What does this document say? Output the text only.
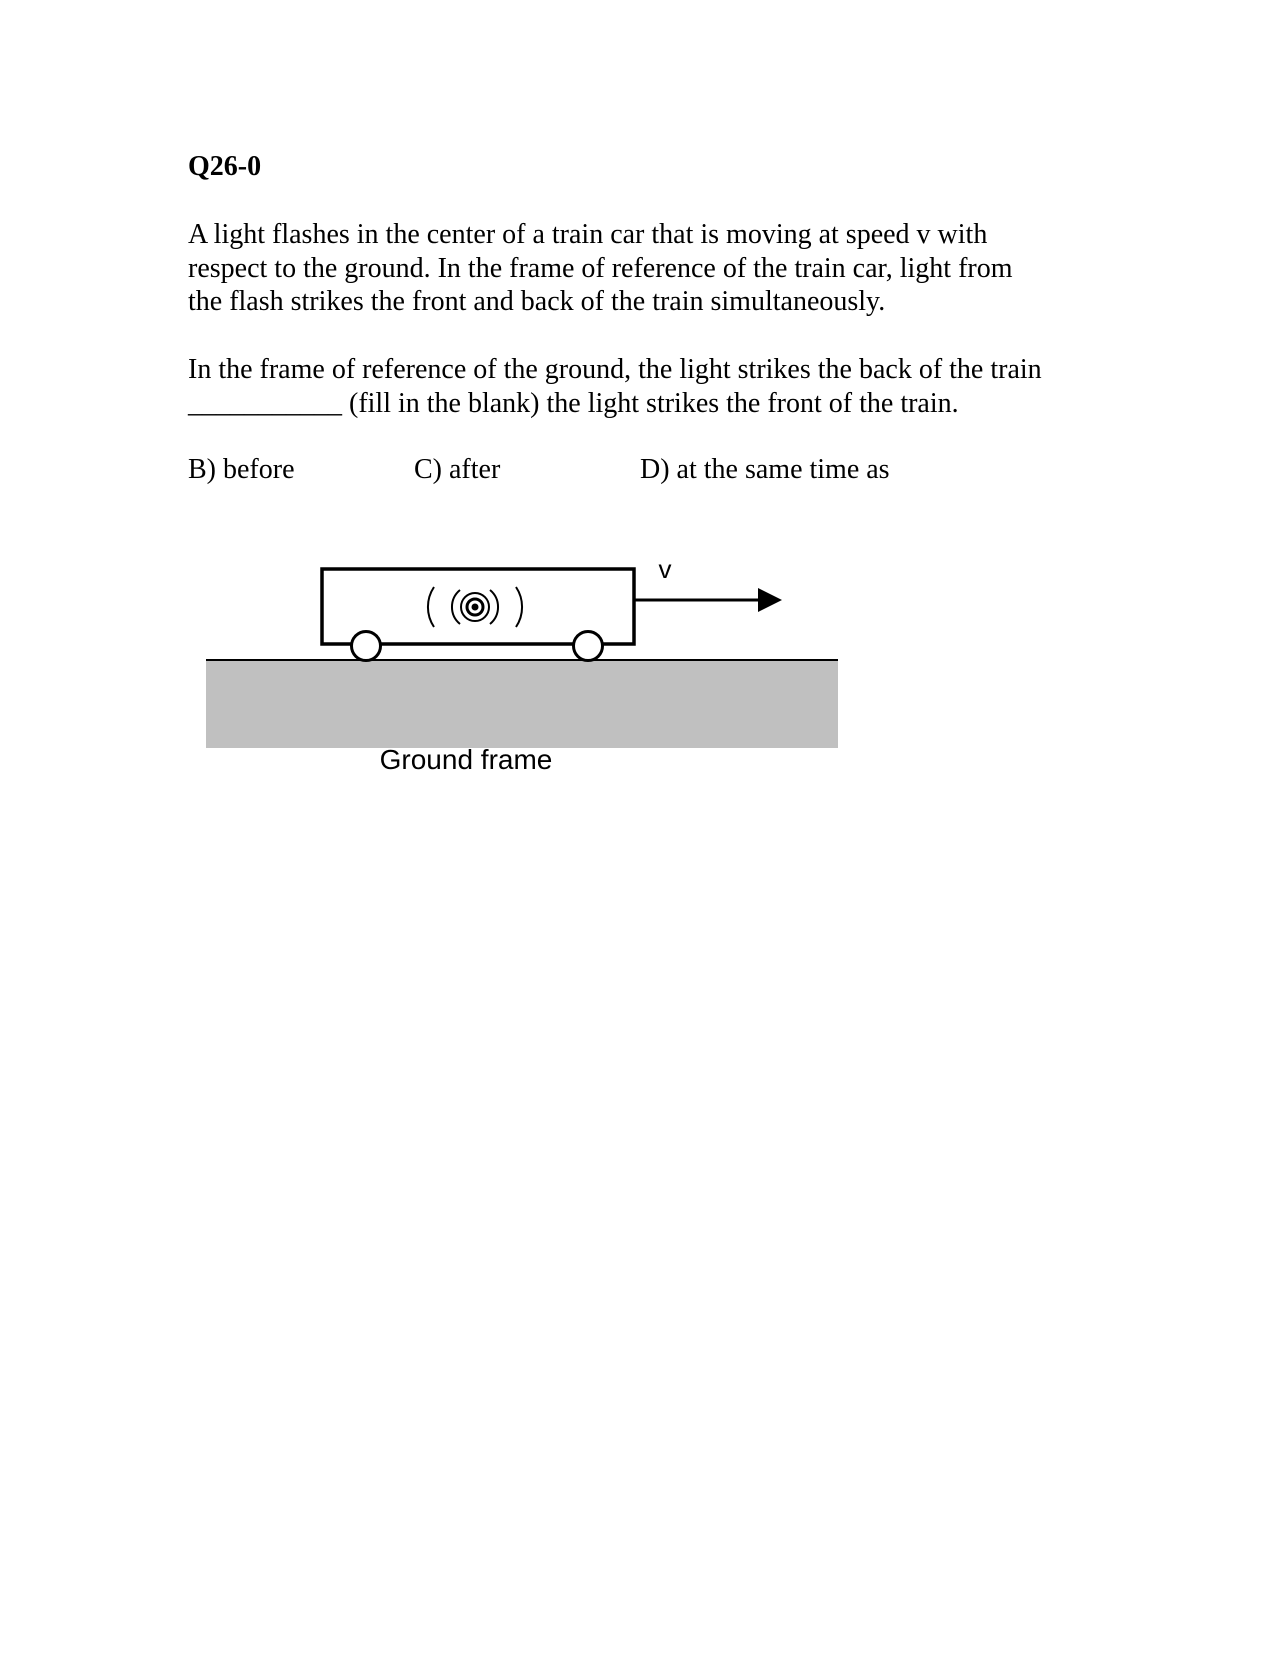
Q26-0

A light flashes in the center of a train car that is moving at speed v with
respect to the ground. In the frame of reference of the train car, light from
the flash strikes the front and back of the train simultaneously.

In the frame of reference of the ground, the light strikes the back of the train
___________ (fill in the blank) the light strikes the front of the train.

B) before	C) after	D) at the same time as
v
Ground frame
